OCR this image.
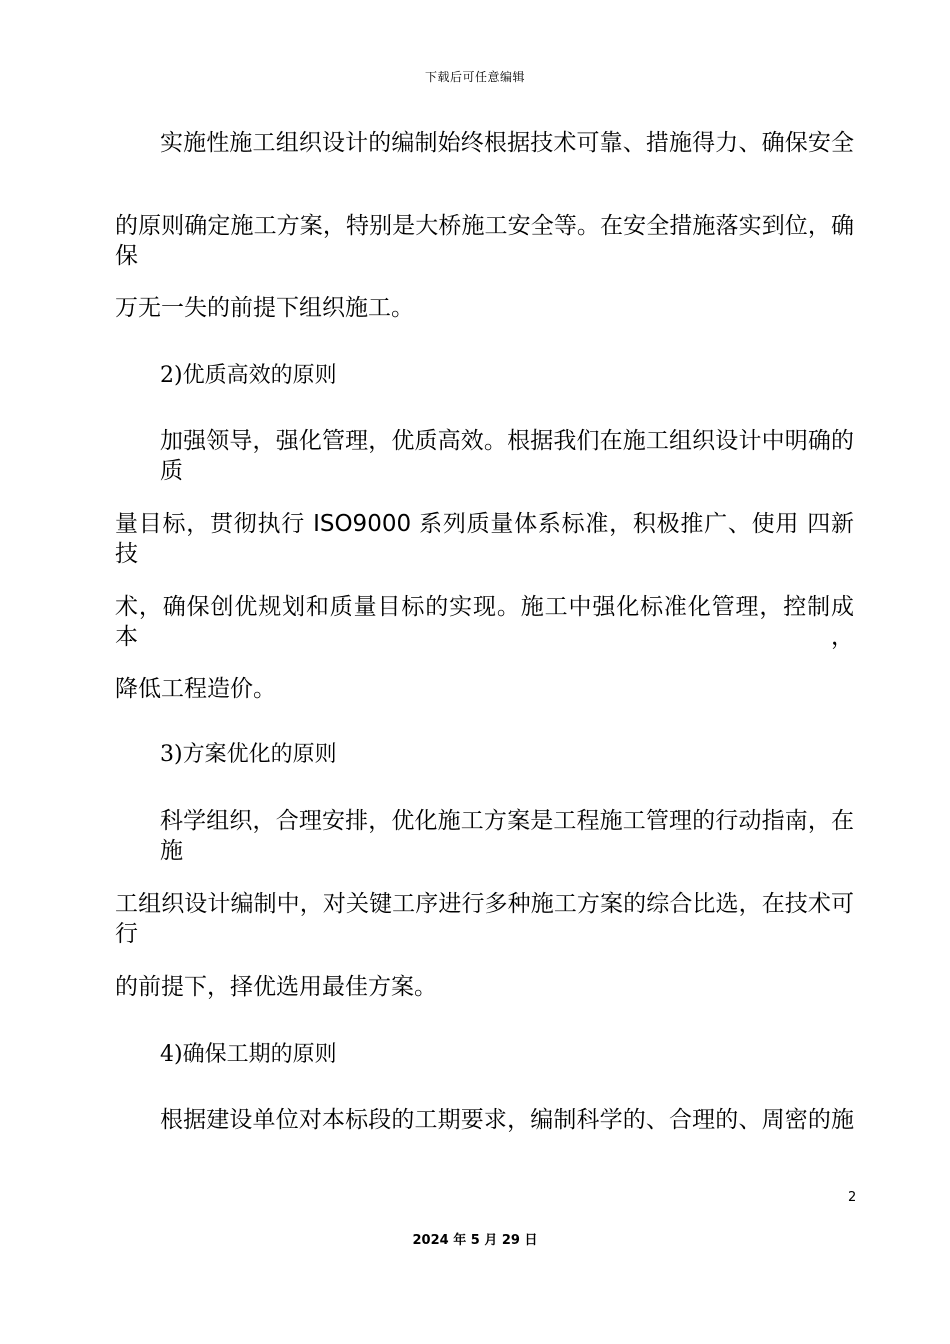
下载后可任意编辑
实施性施工组织设计的编制始终根据技术可靠、措施得力、确保安全
的原则确定施工方案，特别是大桥施工安全等。在安全措施落实到位，确保
万无一失的前提下组织施工。
2)优质高效的原则
加强领导，强化管理，优质高效。根据我们在施工组织设计中明确的质
量目标，贯彻执行 ISO9000 系列质量体系标准，积极推广、使用 四新 技
术，确保创优规划和质量目标的实现。施工中强化标准化管理，控制成本，
降低工程造价。
3)方案优化的原则
科学组织，合理安排，优化施工方案是工程施工管理的行动指南，在施
工组织设计编制中，对关键工序进行多种施工方案的综合比选，在技术可行
的前提下，择优选用最佳方案。
4)确保工期的原则
根据建设单位对本标段的工期要求，编制科学的、合理的、周密的施
2
2024 年 5 月 29 日
